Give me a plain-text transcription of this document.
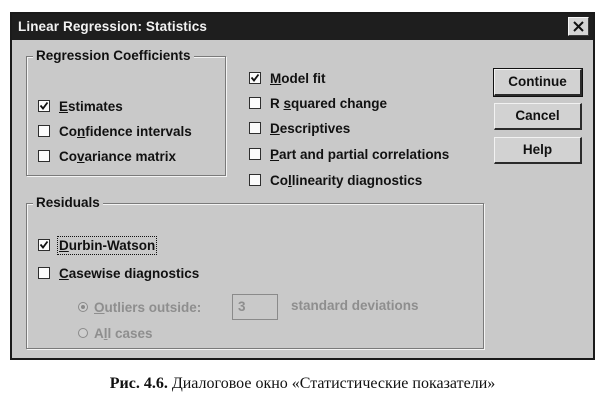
Linear Regression: Statistics
Regression Coefficients
Estimates
Confidence intervals
Covariance matrix
Model fit
R squared change
Descriptives
Part and partial correlations
Collinearity diagnostics
Continue
Cancel
Help
Residuals
Durbin-Watson
Casewise diagnostics
Outliers outside:	3	standard deviations
All cases
Рис. 4.6. Диалоговое окно «Статистические показатели»
